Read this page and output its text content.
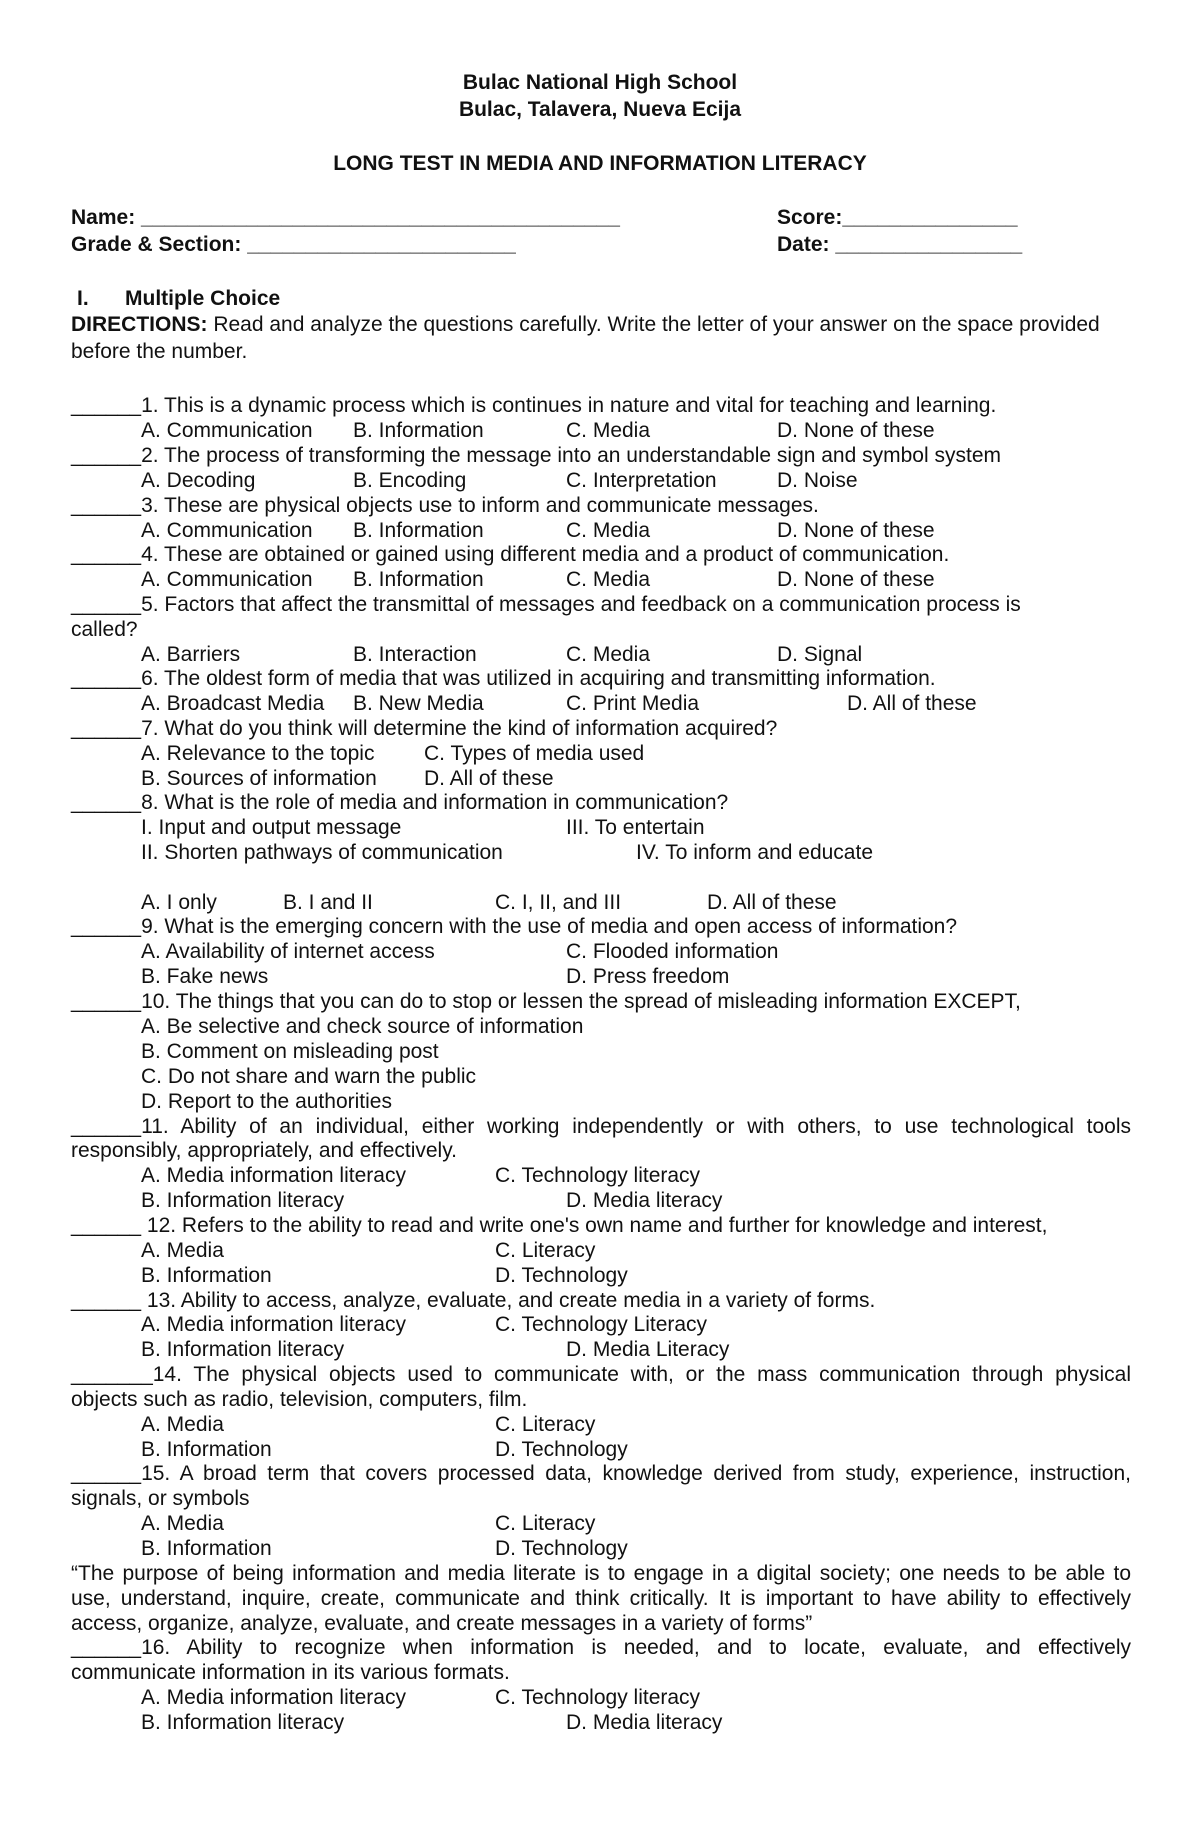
Bulac National High School
Bulac, Talavera, Nueva Ecija
LONG TEST IN MEDIA AND INFORMATION LITERACY
Name: _________________________________________	Score:_______________
Grade & Section: _______________________	Date: ________________
I. Multiple Choice
DIRECTIONS: Read and analyze the questions carefully. Write the letter of your answer on the space provided
before the number.
______1. This is a dynamic process which is continues in nature and vital for teaching and learning.
A. Communication B. Information	C. Media	D. None of these
______2. The process of transforming the message into an understandable sign and symbol system
A. Decoding	B. Encoding	C. Interpretation	D. Noise
______3. These are physical objects use to inform and communicate messages.
A. Communication B. Information	C. Media	D. None of these
______4. These are obtained or gained using different media and a product of communication.
A. Communication B. Information	C. Media	D. None of these
______5. Factors that affect the transmittal of messages and feedback on a communication process is
called?
A. Barriers	B. Interaction	C. Media	D. Signal
______6. The oldest form of media that was utilized in acquiring and transmitting information.
A. Broadcast Media B. New Media	C. Print Media	D. All of these
______7. What do you think will determine the kind of information acquired?
A. Relevance to the topic C. Types of media used
B. Sources of information D. All of these
______8. What is the role of media and information in communication?
I. Input and output message	III. To entertain
II. Shorten pathways of communication	IV. To inform and educate
A. I only	B. I and II	C. I, II, and III	D. All of these
______9. What is the emerging concern with the use of media and open access of information?
A. Availability of internet access	C. Flooded information
B. Fake news	D. Press freedom
______10. The things that you can do to stop or lessen the spread of misleading information EXCEPT,
A. Be selective and check source of information
B. Comment on misleading post
C. Do not share and warn the public
D. Report to the authorities
______11. Ability of an individual, either working independently or with others, to use technological tools
responsibly, appropriately, and effectively.
A. Media information literacy	C. Technology literacy
B. Information literacy	D. Media literacy
______ 12. Refers to the ability to read and write one's own name and further for knowledge and interest,
A. Media	C. Literacy
B. Information	D. Technology
______ 13. Ability to access, analyze, evaluate, and create media in a variety of forms.
A. Media information literacy	C. Technology Literacy
B. Information literacy	D. Media Literacy
_______14. The physical objects used to communicate with, or the mass communication through physical
objects such as radio, television, computers, film.
A. Media	C. Literacy
B. Information	D. Technology
______15. A broad term that covers processed data, knowledge derived from study, experience, instruction,
signals, or symbols
A. Media	C. Literacy
B. Information	D. Technology
“The purpose of being information and media literate is to engage in a digital society; one needs to be able to
use, understand, inquire, create, communicate and think critically. It is important to have ability to effectively
access, organize, analyze, evaluate, and create messages in a variety of forms”
______16. Ability to recognize when information is needed, and to locate, evaluate, and effectively
communicate information in its various formats.
A. Media information literacy	C. Technology literacy
B. Information literacy	D. Media literacy
